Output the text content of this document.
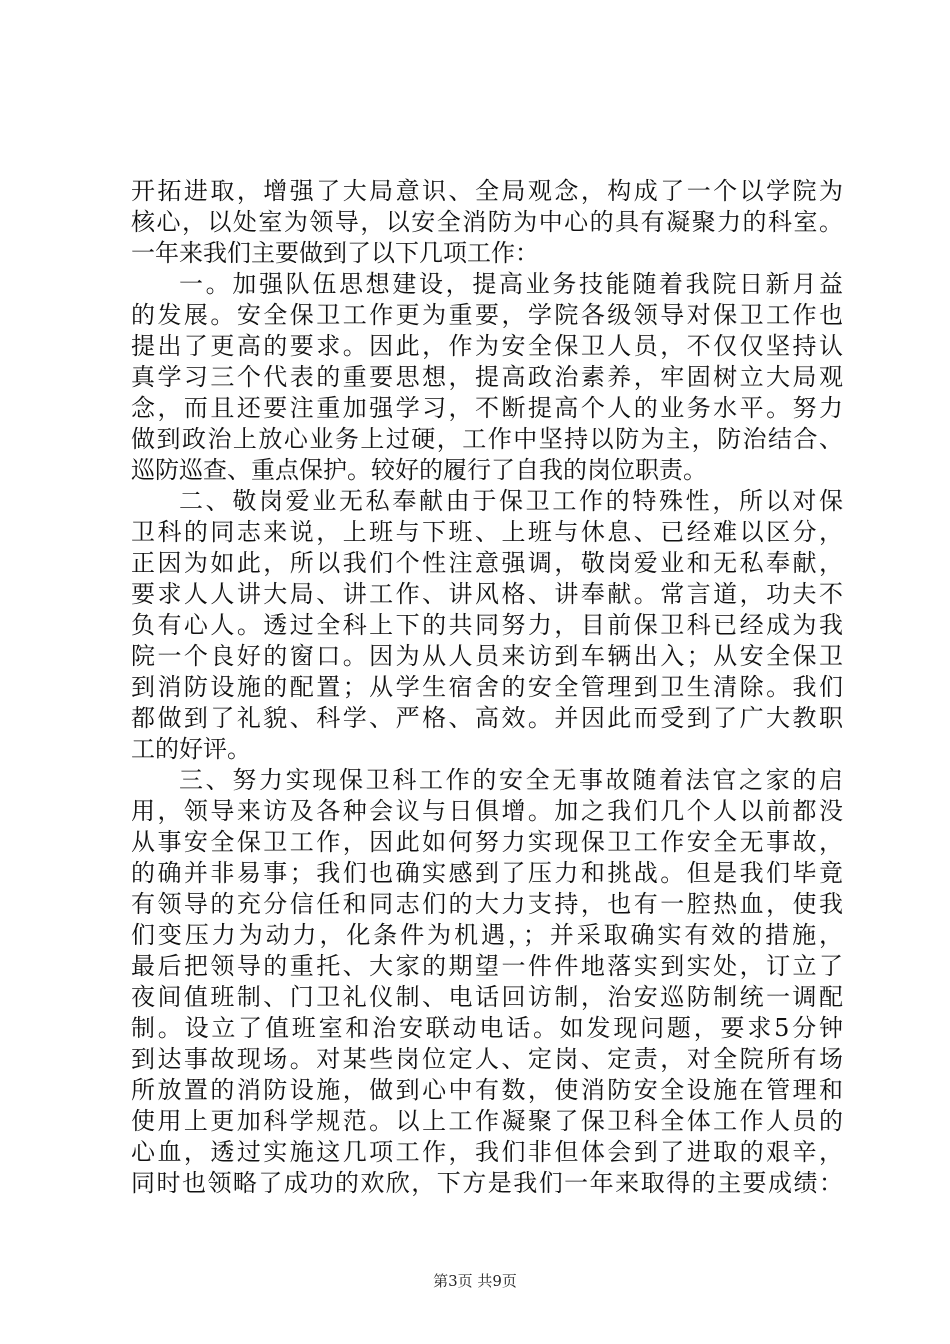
开拓进取，增强了大局意识、全局观念，构成了一个以学院为
核心，以处室为领导，以安全消防为中心的具有凝聚力的科室。
一年来我们主要做到了以下几项工作：
一。加强队伍思想建设，提高业务技能随着我院日新月益
的发展。安全保卫工作更为重要，学院各级领导对保卫工作也
提出了更高的要求。因此，作为安全保卫人员，不仅仅坚持认
真学习三个代表的重要思想，提高政治素养，牢固树立大局观
念，而且还要注重加强学习，不断提高个人的业务水平。努力
做到政治上放心业务上过硬，工作中坚持以防为主，防治结合、
巡防巡查、重点保护。较好的履行了自我的岗位职责。
二、敬岗爱业无私奉献由于保卫工作的特殊性，所以对保
卫科的同志来说，上班与下班、上班与休息、已经难以区分，
正因为如此，所以我们个性注意强调，敬岗爱业和无私奉献，
要求人人讲大局、讲工作、讲风格、讲奉献。常言道，功夫不
负有心人。透过全科上下的共同努力，目前保卫科已经成为我
院一个良好的窗口。因为从人员来访到车辆出入；从安全保卫
到消防设施的配置；从学生宿舍的安全管理到卫生清除。我们
都做到了礼貌、科学、严格、高效。并因此而受到了广大教职
工的好评。
三、努力实现保卫科工作的安全无事故随着法官之家的启
用，领导来访及各种会议与日俱增。加之我们几个人以前都没
从事安全保卫工作，因此如何努力实现保卫工作安全无事故，
的确并非易事；我们也确实感到了压力和挑战。但是我们毕竟
有领导的充分信任和同志们的大力支持，也有一腔热血，使我
们变压力为动力，化条件为机遇，；并采取确实有效的措施，
最后把领导的重托、大家的期望一件件地落实到实处，订立了
夜间值班制、门卫礼仪制、电话回访制，治安巡防制统一调配
制。设立了值班室和治安联动电话。如发现问题，要求5分钟
到达事故现场。对某些岗位定人、定岗、定责，对全院所有场
所放置的消防设施，做到心中有数，使消防安全设施在管理和
使用上更加科学规范。以上工作凝聚了保卫科全体工作人员的
心血，透过实施这几项工作，我们非但体会到了进取的艰辛，
同时也领略了成功的欢欣，下方是我们一年来取得的主要成绩：
第3页 共9页
